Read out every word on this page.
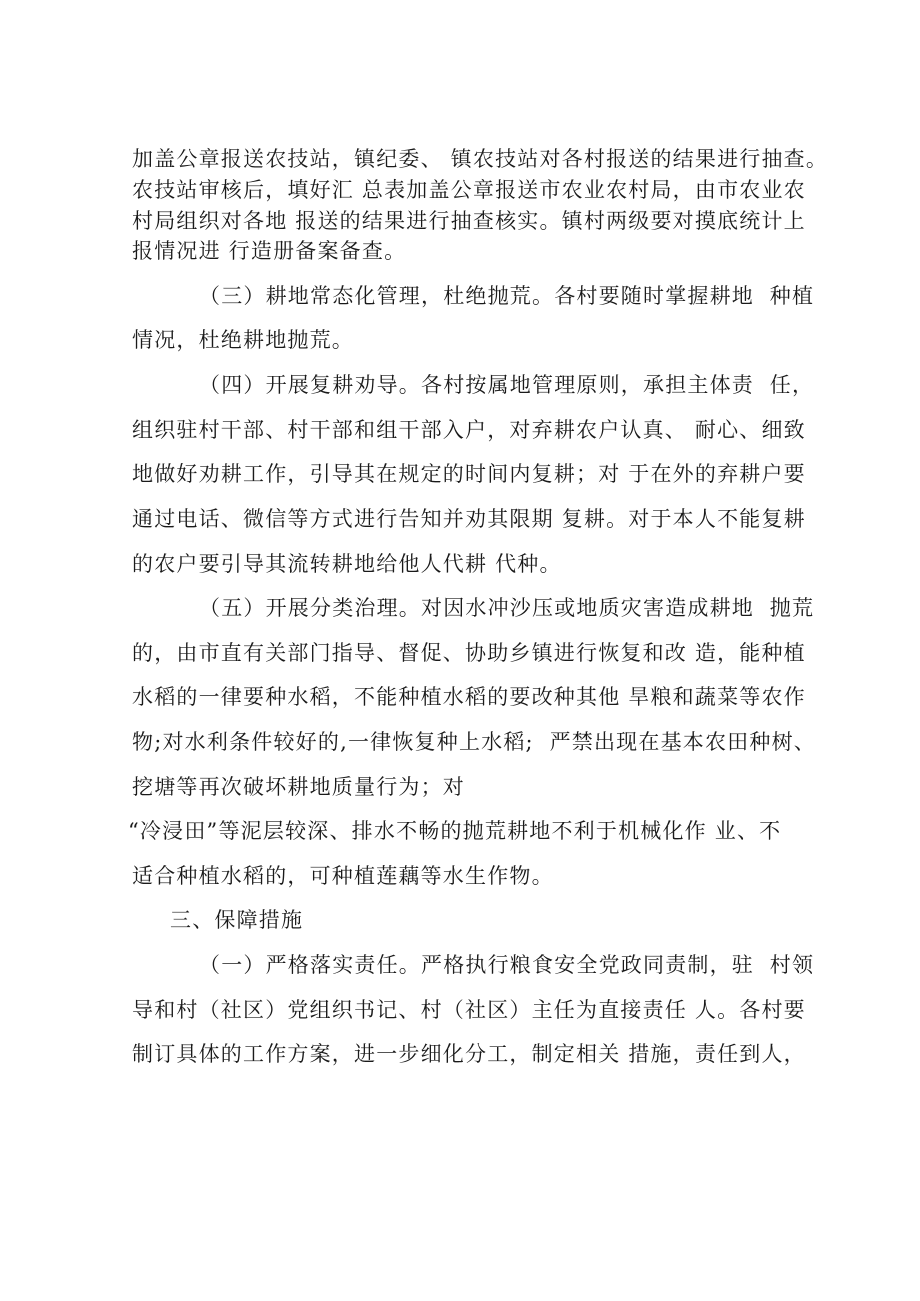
加盖公章报送农技站，镇纪委、 镇农技站对各村报送的结果进行抽查。
农技站审核后，填好汇 总表加盖公章报送市农业农村局，由市农业农
村局组织对各地 报送的结果进行抽查核实。镇村两级要对摸底统计上
报情况进 行造册备案备查。
（三）耕地常态化管理，杜绝抛荒。各村要随时掌握耕地  种植
情况，杜绝耕地抛荒。
（四）开展复耕劝导。各村按属地管理原则，承担主体责  任，
组织驻村干部、村干部和组干部入户，对弃耕农户认真、 耐心、细致
地做好劝耕工作，引导其在规定的时间内复耕；对 于在外的弃耕户要
通过电话、微信等方式进行告知并劝其限期 复耕。对于本人不能复耕
的农户要引导其流转耕地给他人代耕 代种。
（五）开展分类治理。对因水冲沙压或地质灾害造成耕地  抛荒
的，由市直有关部门指导、督促、协助乡镇进行恢复和改 造，能种植
水稻的一律要种水稻，不能种植水稻的要改种其他 旱粮和蔬菜等农作
物;对水利条件较好的,一律恢复种上水稻;  严禁出现在基本农田种树、
挖塘等再次破坏耕地质量行为；对
“冷浸田”等泥层较深、排水不畅的抛荒耕地不利于机械化作 业、不
适合种植水稻的，可种植莲藕等水生作物。
三、保障措施
（一）严格落实责任。严格执行粮食安全党政同责制，驻  村领
导和村（社区）党组织书记、村（社区）主任为直接责任 人。各村要
制订具体的工作方案，进一步细化分工，制定相关 措施，责任到人，
